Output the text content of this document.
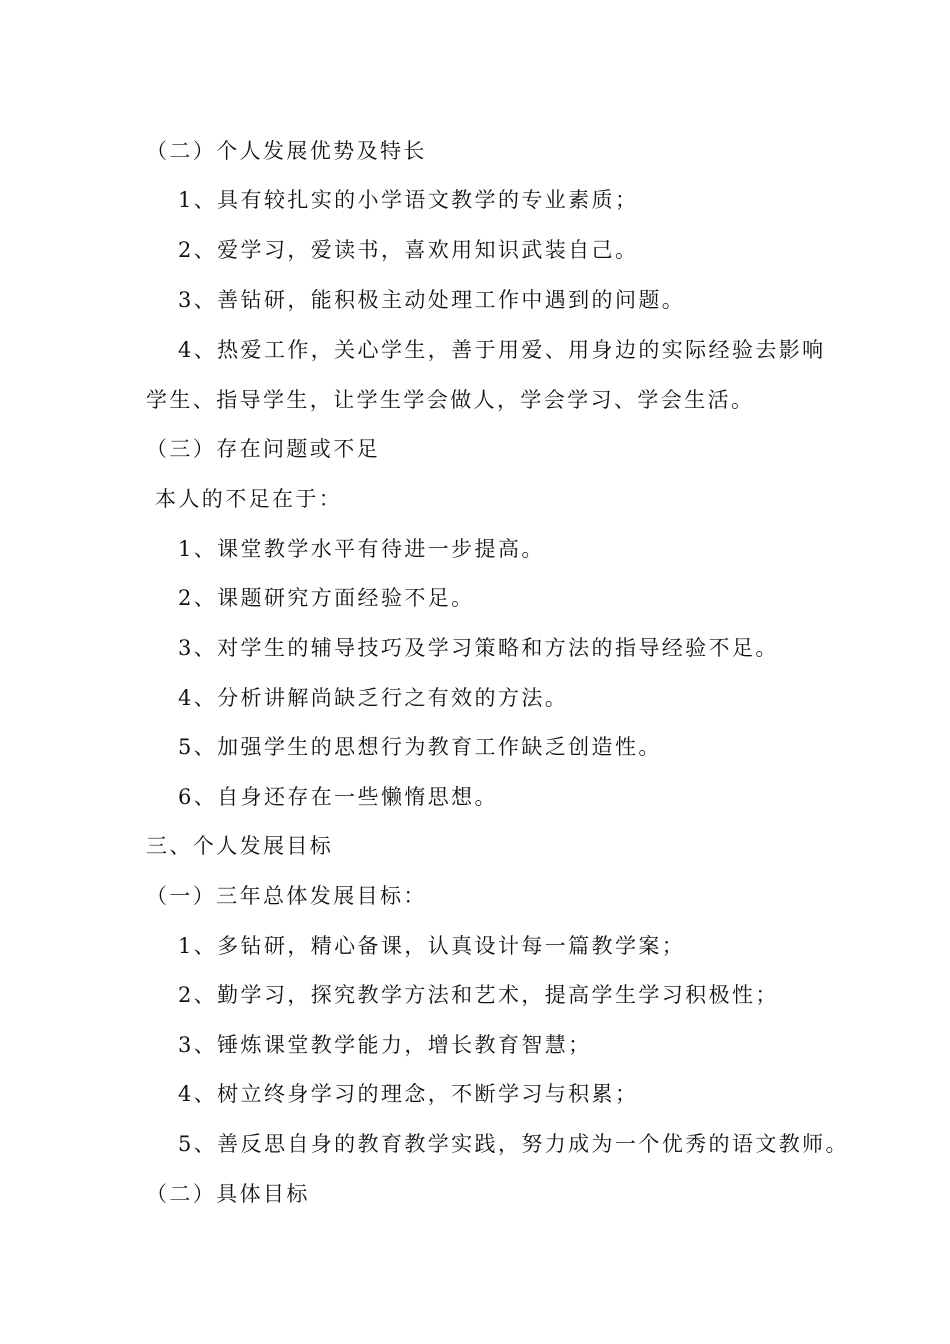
（二）个人发展优势及特长
1、具有较扎实的小学语文教学的专业素质；
2、爱学习，爱读书，喜欢用知识武装自己。
3、善钻研，能积极主动处理工作中遇到的问题。
4、热爱工作，关心学生，善于用爱、用身边的实际经验去影响
学生、指导学生，让学生学会做人，学会学习、学会生活。
（三）存在问题或不足
本人的不足在于：
1、课堂教学水平有待进一步提高。
2、课题研究方面经验不足。
3、对学生的辅导技巧及学习策略和方法的指导经验不足。
4、分析讲解尚缺乏行之有效的方法。
5、加强学生的思想行为教育工作缺乏创造性。
6、自身还存在一些懒惰思想。
三、个人发展目标
（一）三年总体发展目标：
1、多钻研，精心备课，认真设计每一篇教学案；
2、勤学习，探究教学方法和艺术，提高学生学习积极性；
3、锤炼课堂教学能力，增长教育智慧；
4、树立终身学习的理念，不断学习与积累；
5、善反思自身的教育教学实践，努力成为一个优秀的语文教师。
（二）具体目标
